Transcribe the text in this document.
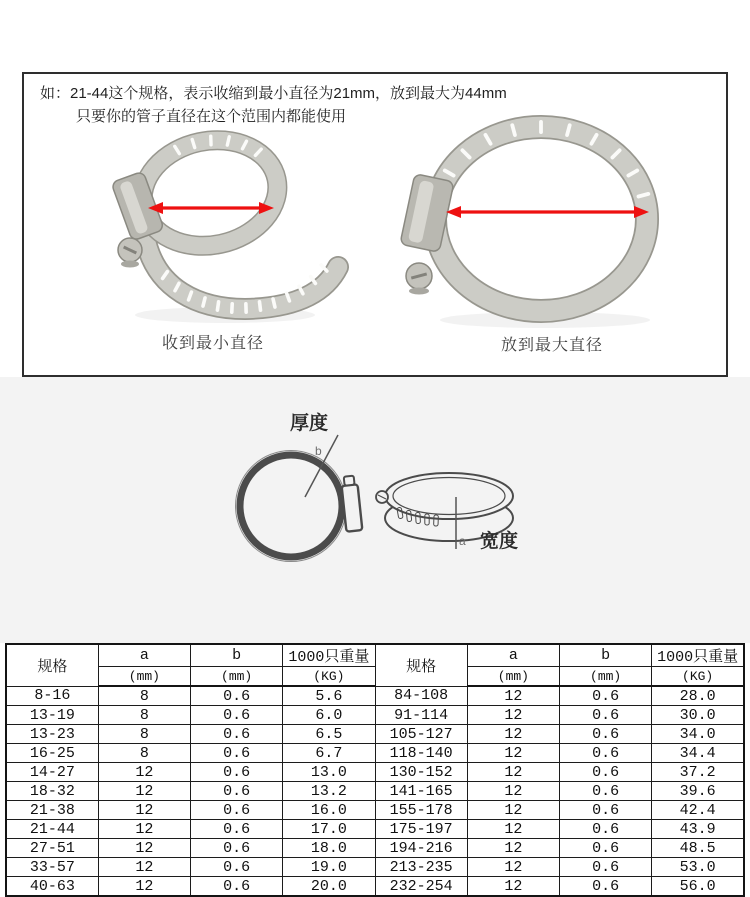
如：21-44这个规格，表示收缩到最小直径为21mm，放到最大为44mm
只要你的管子直径在这个范围内都能使用
收到最小直径	放到最大直径
厚度
b
a 宽度
规格	a	b	1000只重量	规格	a	b	1000只重量
	(mm)	(mm)	(KG)		(mm)	(mm)	(KG)
8-16	8	0.6	5.6	84-108	12	0.6	28.0
13-19	8	0.6	6.0	91-114	12	0.6	30.0
13-23	8	0.6	6.5	105-127	12	0.6	34.0
16-25	8	0.6	6.7	118-140	12	0.6	34.4
14-27	12	0.6	13.0	130-152	12	0.6	37.2
18-32	12	0.6	13.2	141-165	12	0.6	39.6
21-38	12	0.6	16.0	155-178	12	0.6	42.4
21-44	12	0.6	17.0	175-197	12	0.6	43.9
27-51	12	0.6	18.0	194-216	12	0.6	48.5
33-57	12	0.6	19.0	213-235	12	0.6	53.0
40-63	12	0.6	20.0	232-254	12	0.6	56.0
